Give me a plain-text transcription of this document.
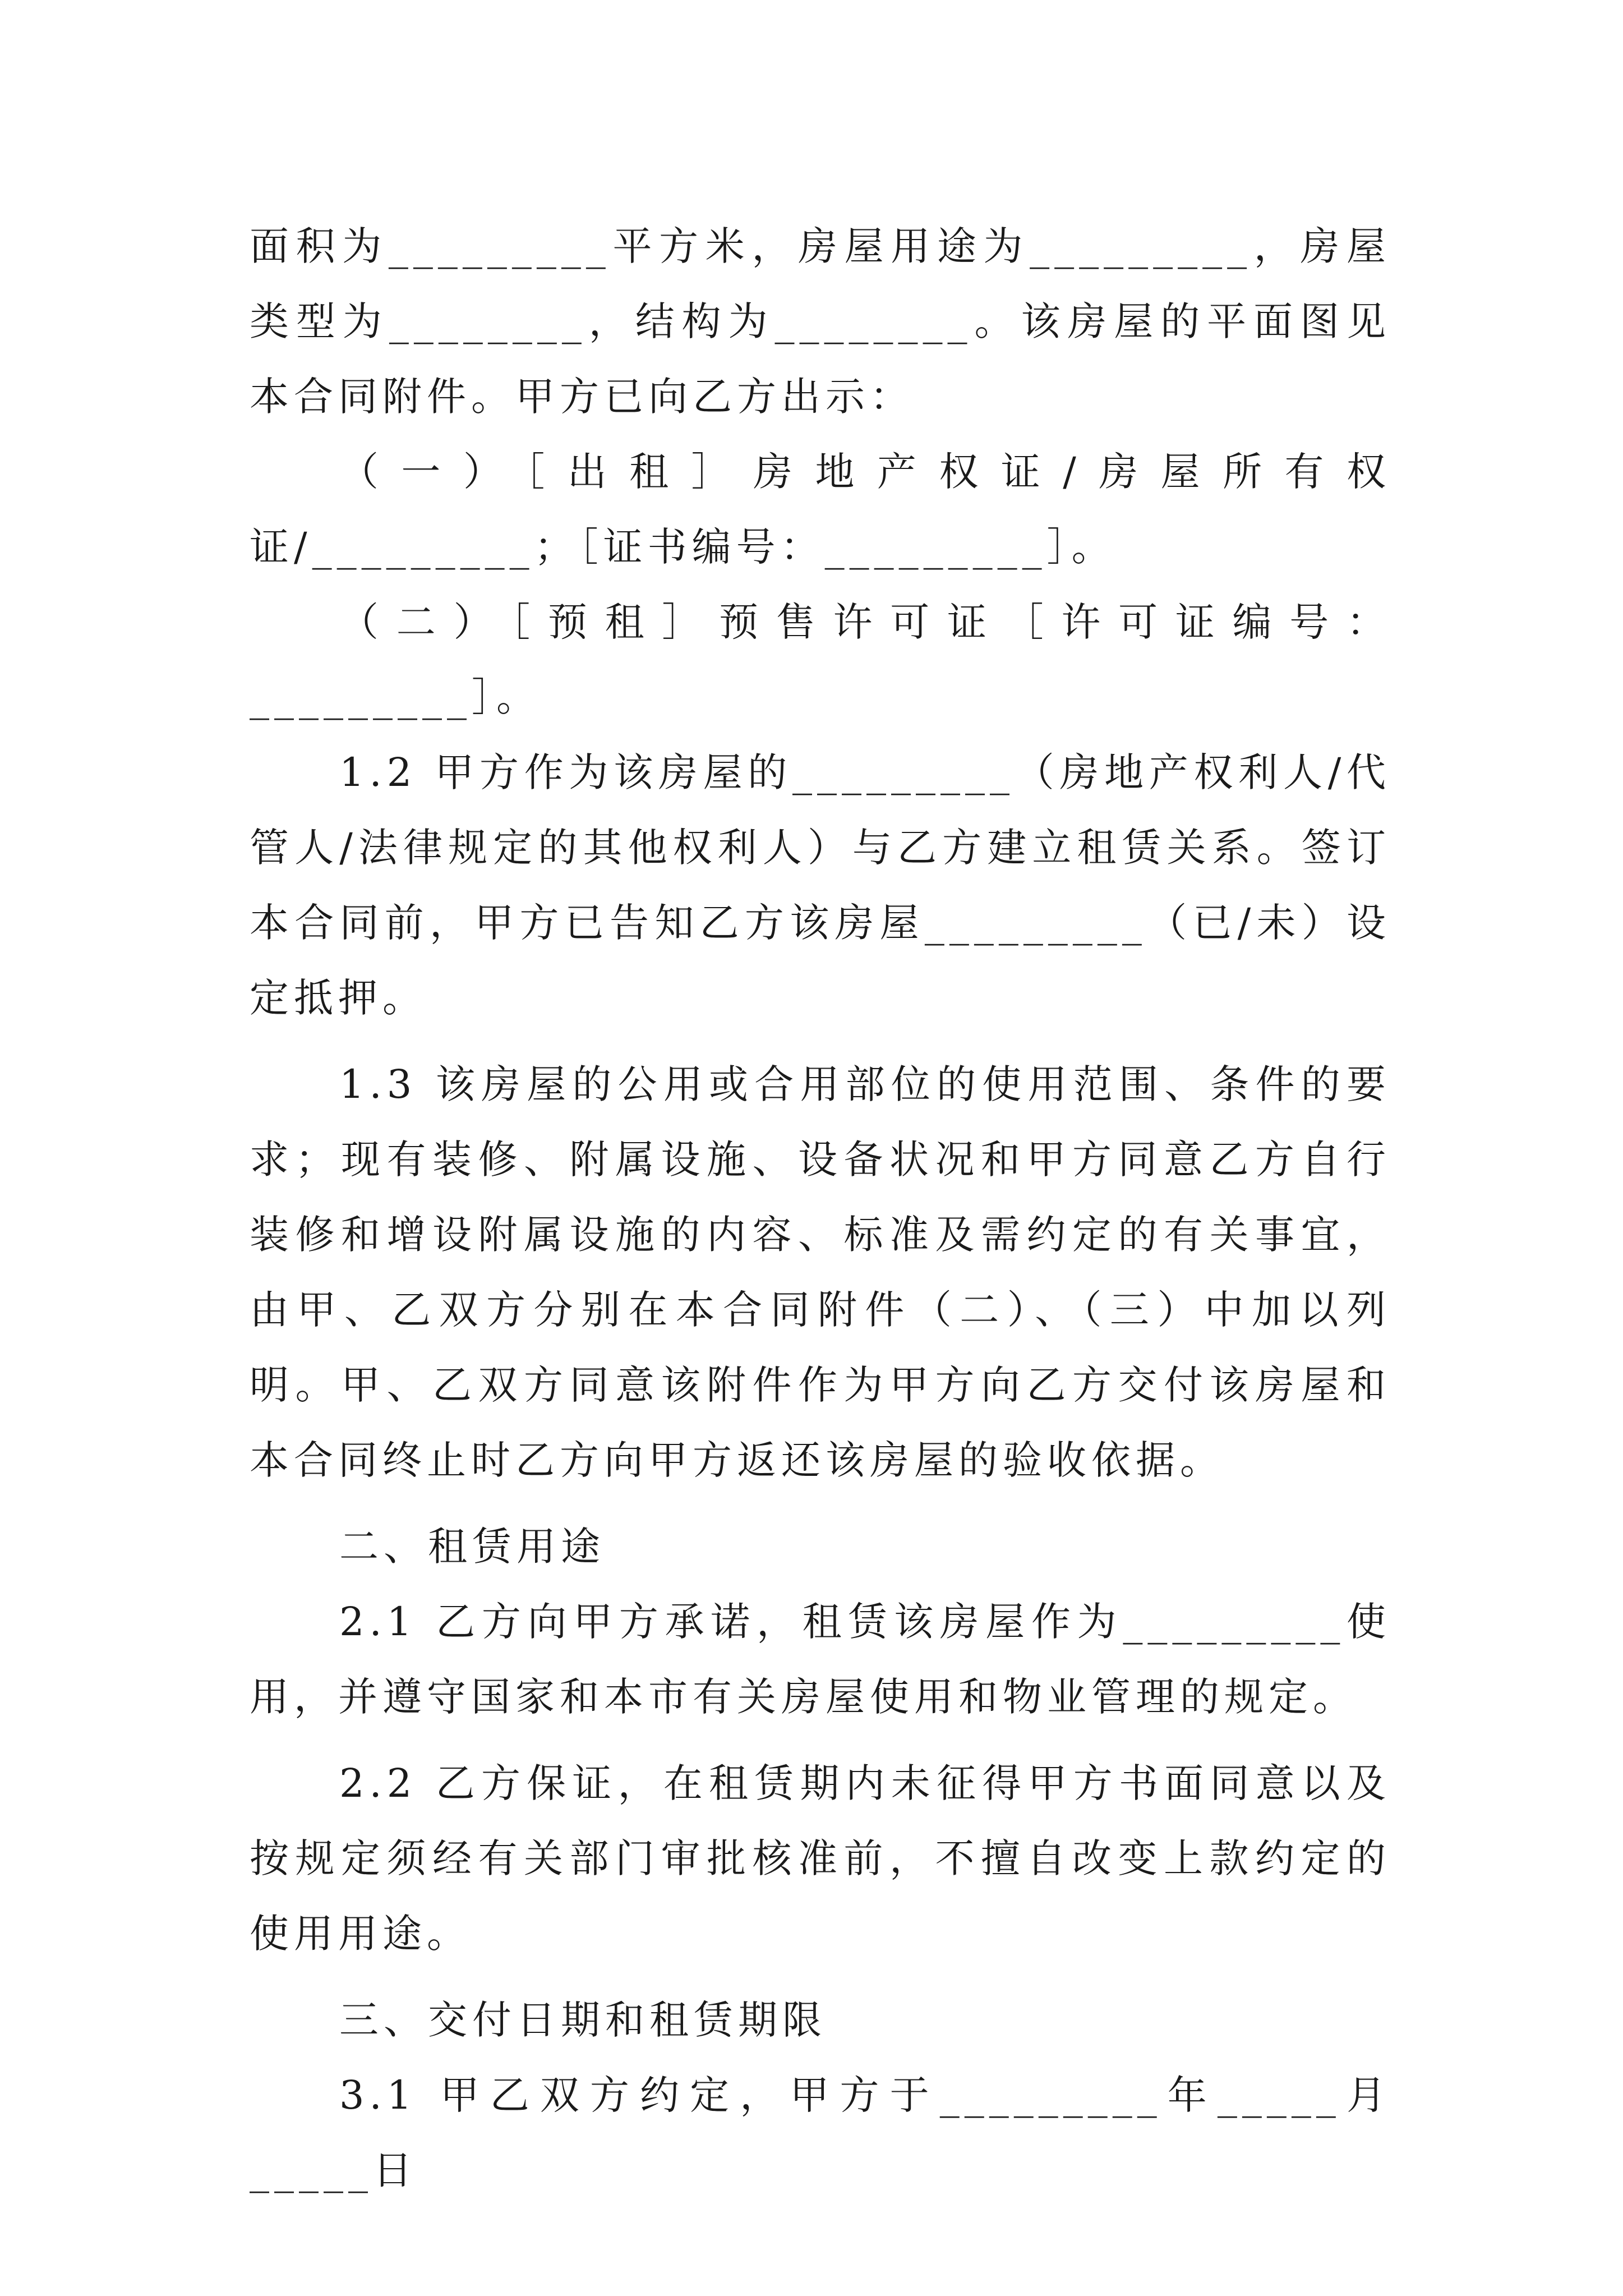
面积为_________平方米，房屋用途为_________，房屋类型为________，结构为________。该房屋的平面图见本合同附件。甲方已向乙方出示：

（一）［出租］房地产权证/房屋所有权证/_________；［证书编号：_________］。

（二）［预租］预售许可证［许可证编号：_________］。

1.2 甲方作为该房屋的_________（房地产权利人/代管人/法律规定的其他权利人）与乙方建立租赁关系。签订本合同前，甲方已告知乙方该房屋_________（已/未）设定抵押。

1.3 该房屋的公用或合用部位的使用范围、条件的要求；现有装修、附属设施、设备状况和甲方同意乙方自行装修和增设附属设施的内容、标准及需约定的有关事宜，由甲、乙双方分别在本合同附件（二）、（三）中加以列明。甲、乙双方同意该附件作为甲方向乙方交付该房屋和本合同终止时乙方向甲方返还该房屋的验收依据。

二、租赁用途

2.1 乙方向甲方承诺，租赁该房屋作为_________使用，并遵守国家和本市有关房屋使用和物业管理的规定。

2.2 乙方保证，在租赁期内未征得甲方书面同意以及按规定须经有关部门审批核准前，不擅自改变上款约定的使用用途。

三、交付日期和租赁期限

3.1 甲乙双方约定，甲方于_________年_____月_____日
